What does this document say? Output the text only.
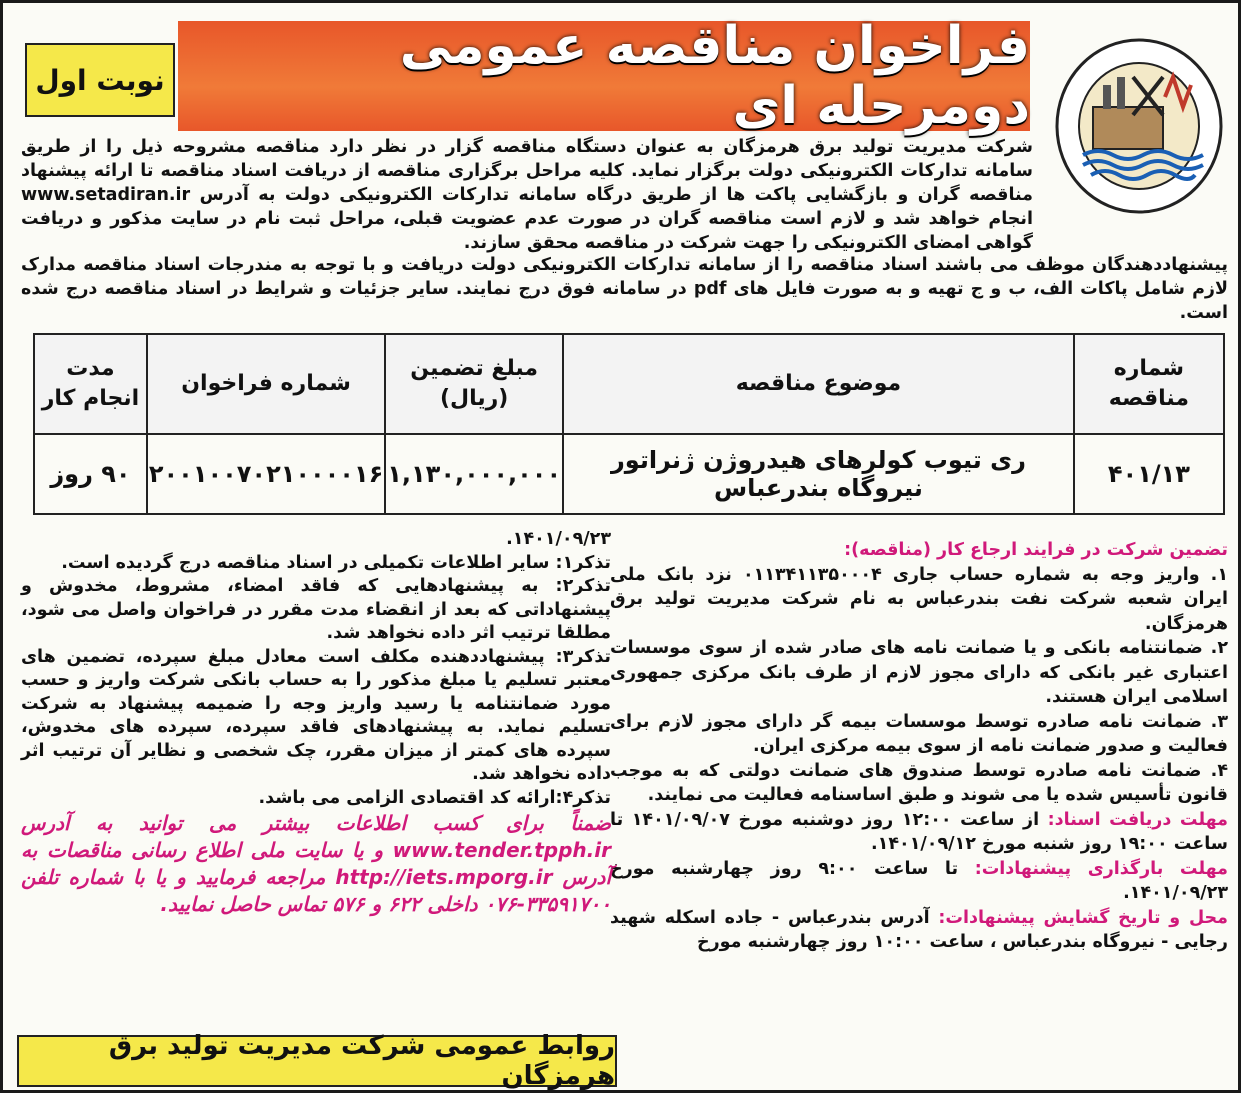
فراخوان مناقصه عمومی دومرحله ای
نوبت اول

شرکت مدیریت تولید برق هرمزگان به عنوان دستگاه مناقصه گزار در نظر دارد مناقصه مشروحه ذیل را از طریق سامانه تدارکات الکترونیکی دولت برگزار نماید. کلیه مراحل برگزاری مناقصه از دریافت اسناد مناقصه تا ارائه پیشنهاد مناقصه گران و بازگشایی پاکت ها از طریق درگاه سامانه تدارکات الکترونیکی دولت به آدرس www.setadiran.ir انجام خواهد شد و لازم است مناقصه گران در صورت عدم عضویت قبلی، مراحل ثبت نام در سایت مذکور و دریافت گواهی امضای الکترونیکی را جهت شرکت در مناقصه محقق سازند.

پیشنهاددهندگان موظف می باشند اسناد مناقصه را از سامانه تدارکات الکترونیکی دولت دریافت و با توجه به مندرجات اسناد مناقصه مدارک لازم شامل پاکات الف، ب و ج تهیه و به صورت فایل های pdf در سامانه فوق درج نمایند. سایر جزئیات و شرایط در اسناد مناقصه درج شده است.

شماره مناقصه	موضوع مناقصه	مبلغ تضمین (ریال)	شماره فراخوان	مدت انجام کار
۴۰۱/۱۳	ری تیوب کولرهای هیدروژن ژنراتور نیروگاه بندرعباس	۱,۱۳۰,۰۰۰,۰۰۰	۲۰۰۱۰۰۷۰۲۱۰۰۰۰۱۶	۹۰ روز

تضمین شرکت در فرایند ارجاع کار (مناقصه):

۱. واریز وجه به شماره حساب جاری ۰۱۱۳۴۱۱۳۵۰۰۰۴ نزد بانک ملی ایران شعبه شرکت نفت بندرعباس به نام شرکت مدیریت تولید برق هرمزگان.

۲. ضمانتنامه بانکی و یا ضمانت نامه های صادر شده از سوی موسسات اعتباری غیر بانکی که دارای مجوز لازم از طرف بانک مرکزی جمهوری اسلامی ایران هستند.

۳. ضمانت نامه صادره توسط موسسات بیمه گر دارای مجوز لازم برای فعالیت و صدور ضمانت نامه از سوی بیمه مرکزی ایران.

۴. ضمانت نامه صادره توسط صندوق های ضمانت دولتی که به موجب قانون تأسیس شده یا می شوند و طبق اساسنامه فعالیت می نمایند.

مهلت دریافت اسناد: از ساعت ۱۲:۰۰ روز دوشنبه مورخ ۱۴۰۱/۰۹/۰۷ تا ساعت ۱۹:۰۰ روز شنبه مورخ ۱۴۰۱/۰۹/۱۲.

مهلت بارگذاری پیشنهادات: تا ساعت ۹:۰۰ روز چهارشنبه مورخ ۱۴۰۱/۰۹/۲۳.

محل و تاریخ گشایش پیشنهادات: آدرس بندرعباس - جاده اسکله شهید رجایی - نیروگاه بندرعباس ، ساعت ۱۰:۰۰ روز چهارشنبه مورخ

۱۴۰۱/۰۹/۲۳.

تذکر۱: سایر اطلاعات تکمیلی در اسناد مناقصه درج گردیده است.

تذکر۲: به پیشنهادهایی که فاقد امضاء، مشروط، مخدوش و پیشنهاداتی که بعد از انقضاء مدت مقرر در فراخوان واصل می شود، مطلقا ترتیب اثر داده نخواهد شد.

تذکر۳: پیشنهاددهنده مکلف است معادل مبلغ سپرده، تضمین های معتبر تسلیم یا مبلغ مذکور را به حساب بانکی شرکت واریز و حسب مورد ضمانتنامه یا رسید واریز وجه را ضمیمه پیشنهاد به شرکت تسلیم نماید. به پیشنهادهای فاقد سپرده، سپرده های مخدوش، سپرده های کمتر از میزان مقرر، چک شخصی و نظایر آن ترتیب اثر داده نخواهد شد.

تذکر۴:ارائه کد اقتصادی الزامی می باشد.

ضمناً برای کسب اطلاعات بیشتر می توانید به آدرس www.tender.tpph.ir و یا سایت ملی اطلاع رسانی مناقصات به آدرس http://iets.mporg.ir مراجعه فرمایید و یا با شماره تلفن ۳۳۵۹۱۷۰۰-۰۷۶ داخلی ۶۲۲ و ۵۷۶ تماس حاصل نمایید.

روابط عمومی شرکت مدیریت تولید برق هرمزگان
